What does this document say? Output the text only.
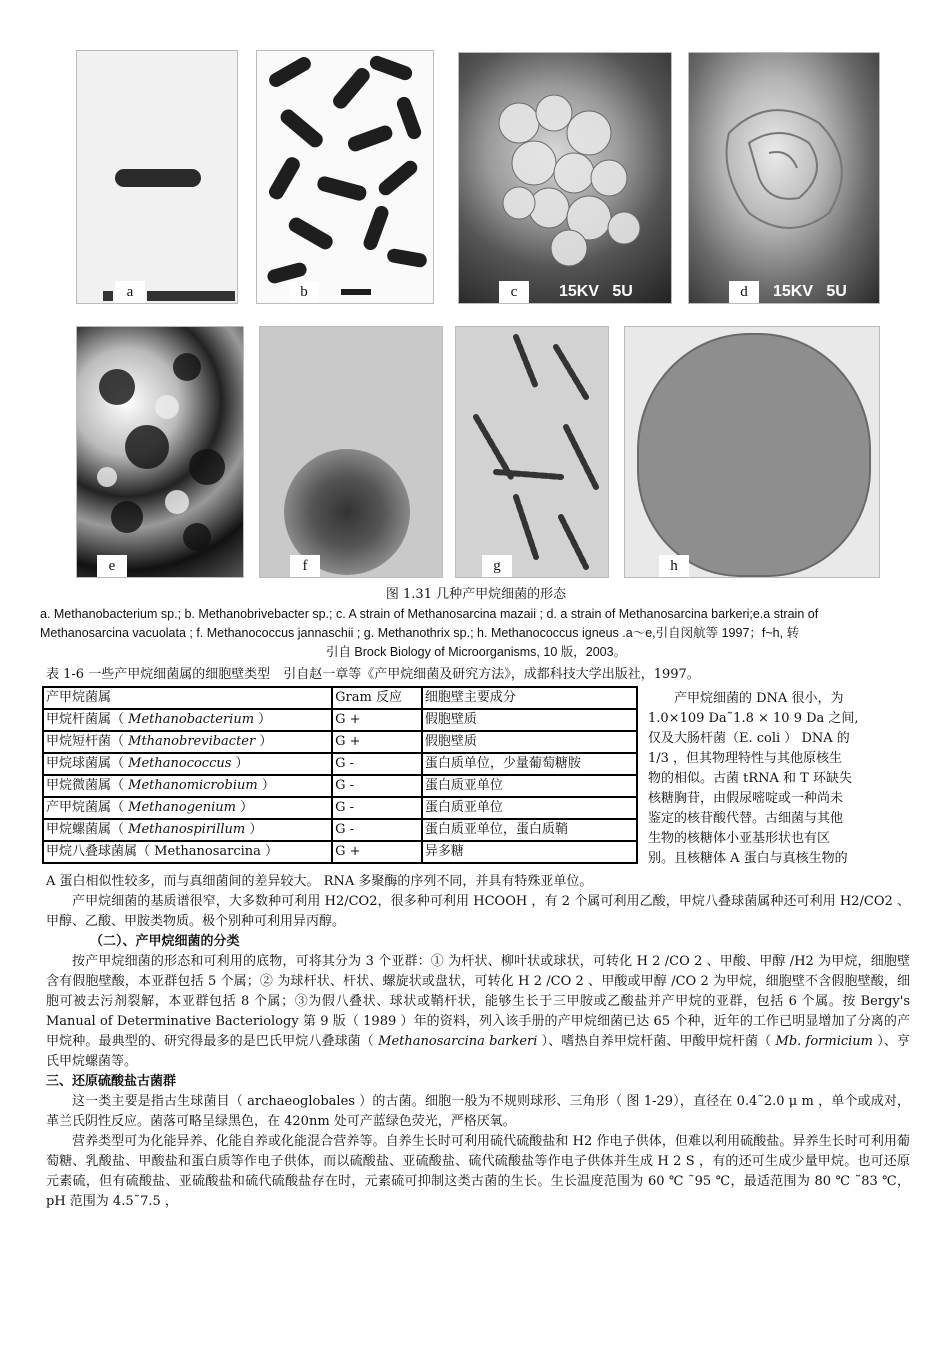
a	b	c	15KV   5U	d	15KV   5U
e	f	g	h
图 1.31 几种产甲烷细菌的形态
a. Methanobacterium sp.; b. Methanobrivebacter sp.; c. A strain of Methanosarcina mazaii ; d. a strain of Methanosarcina barkeri;e.a strain of
Methanosarcina vacuolata ; f. Methanococcus jannaschii ; g. Methanothrix sp.; h. Methanococcus igneus .a～e,引自闵航等 1997；f~h, 转
引自 Brock Biology of Microorganisms, 10 版，2003。
表 1-6 一些产甲烷细菌属的细胞壁类型　引自赵一章等《产甲烷细菌及研究方法》，成都科技大学出版社，1997。
产甲烷菌属	Gram 反应	细胞壁主要成分
甲烷杆菌属（ Methanobacterium ）	G +	假胞壁质
甲烷短杆菌（ Mthanobrevibacter ）	G +	假胞壁质
甲烷球菌属（ Methanococcus ）	G -	蛋白质单位，少量葡萄糖胺
甲烷微菌属（ Methanomicrobium ）	G -	蛋白质亚单位
产甲烷菌属（ Methanogenium ）	G -	蛋白质亚单位
甲烷螺菌属（ Methanospirillum ）	G -	蛋白质亚单位，蛋白质鞘
甲烷八叠球菌属（ Methanosarcina ）	G +	异多糖
产甲烷细菌的 DNA 很小，为
1.0×109 Da˜1.8 × 10 9 Da 之间,
仅及大肠杆菌（E. coli ） DNA 的
1/3 ，但其物理特性与其他原核生
物的相似。古菌 tRNA 和 T 环缺失
核糖胸苷，由假尿嘧啶或一种尚未
鉴定的核苷酸代替。古细菌与其他
生物的核糖体小亚基形状也有区
别。且核糖体 A 蛋白与真核生物的

A 蛋白相似性较多，而与真细菌间的差异较大。 RNA 多聚酶的序列不同，并具有特殊亚单位。

产甲烷细菌的基质谱很窄，大多数种可利用 H2/CO2，很多种可利用 HCOOH ，有 2 个属可利用乙酸，甲烷八叠球菌属种还可利用 H2/CO2 、甲醇、乙酸、甲胺类物质。极个别种可利用异丙醇。

（二）、产甲烷细菌的分类

按产甲烷细菌的形态和可利用的底物，可将其分为 3 个亚群：① 为杆状、柳叶状或球状，可转化 H 2 /CO 2 、甲酸、甲醇 /H2 为甲烷，细胞壁含有假胞壁酸，本亚群包括 5 个属；② 为球杆状、杆状、螺旋状或盘状，可转化 H 2 /CO 2 、甲酸或甲醇 /CO 2 为甲烷，细胞壁不含假胞壁酸，细胞可被去污剂裂解，本亚群包括 8 个属；③为假八叠状、球状或鞘杆状，能够生长于三甲胺或乙酸盐并产甲烷的亚群，包括 6 个属。按 Bergy's Manual of Determinative Bacteriology 第 9 版（ 1989 ）年的资料，列入该手册的产甲烷细菌已达 65 个种，近年的工作已明显增加了分离的产甲烷种。最典型的、研究得最多的是巴氏甲烷八叠球菌（ Methanosarcina barkeri ）、嗜热自养甲烷杆菌、甲酸甲烷杆菌（ Mb. formicium ）、亨氏甲烷螺菌等。

三、还原硫酸盐古菌群

这一类主要是指古生球菌目（ archaeoglobales ）的古菌。细胞一般为不规则球形、三角形（ 图 1-29），直径在 0.4˜2.0 μ m ，单个或成对，革兰氏阴性反应。菌落可略呈绿黑色，在 420nm 处可产蓝绿色荧光，严格厌氧。

营养类型可为化能异养、化能自养或化能混合营养等。自养生长时可利用硫代硫酸盐和 H2 作电子供体，但难以利用硫酸盐。异养生长时可利用葡萄糖、乳酸盐、甲酸盐和蛋白质等作电子供体，而以硫酸盐、亚硫酸盐、硫代硫酸盐等作电子供体并生成 H 2 S ，有的还可生成少量甲烷。也可还原元素硫，但有硫酸盐、亚硫酸盐和硫代硫酸盐存在时，元素硫可抑制这类古菌的生长。生长温度范围为 60 ℃ ˜95 ℃，最适范围为 80 ℃ ˜83 ℃，pH 范围为 4.5˜7.5 ，
